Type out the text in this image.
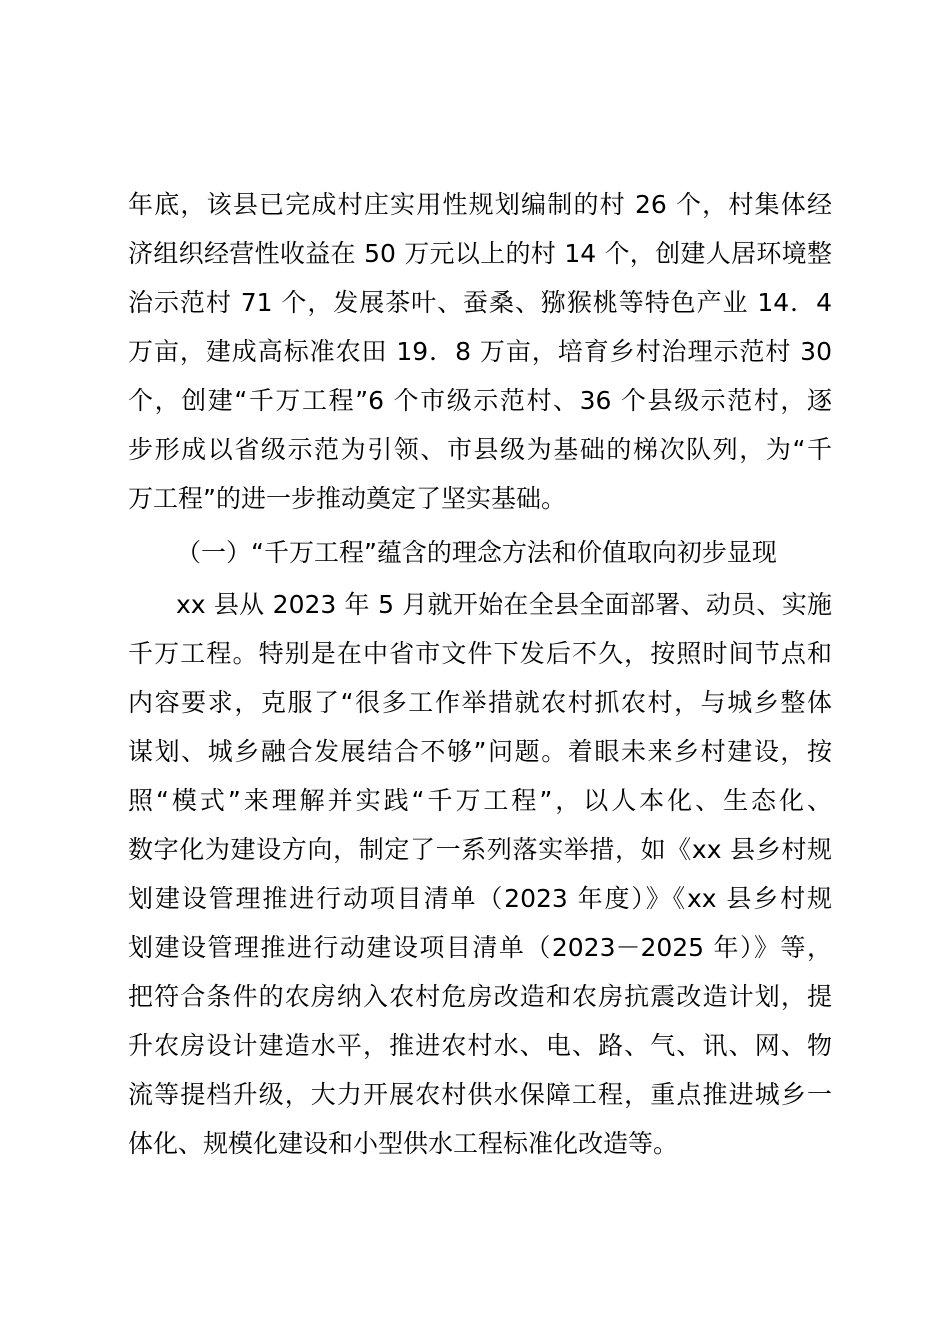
年底，该县已完成村庄实用性规划编制的村 26 个，村集体经
济组织经营性收益在 50 万元以上的村 14 个，创建人居环境整
治示范村 71 个，发展茶叶、蚕桑、猕猴桃等特色产业 14．4
万亩，建成高标准农田 19．8 万亩，培育乡村治理示范村 30
个，创建“千万工程”6 个市级示范村、36 个县级示范村，逐
步形成以省级示范为引领、市县级为基础的梯次队列，为“千
万工程”的进一步推动奠定了坚实基础。
（一）“千万工程”蕴含的理念方法和价值取向初步显现
xx 县从 2023 年 5 月就开始在全县全面部署、动员、实施
千万工程。特别是在中省市文件下发后不久，按照时间节点和
内容要求，克服了“很多工作举措就农村抓农村，与城乡整体
谋划、城乡融合发展结合不够”问题。着眼未来乡村建设，按
照“模式”来理解并实践“千万工程”，以人本化、生态化、
数字化为建设方向，制定了一系列落实举措，如《xx 县乡村规
划建设管理推进行动项目清单（2023 年度）》《xx 县乡村规
划建设管理推进行动建设项目清单（2023－2025 年）》等，
把符合条件的农房纳入农村危房改造和农房抗震改造计划，提
升农房设计建造水平，推进农村水、电、路、气、讯、网、物
流等提档升级，大力开展农村供水保障工程，重点推进城乡一
体化、规模化建设和小型供水工程标准化改造等。
